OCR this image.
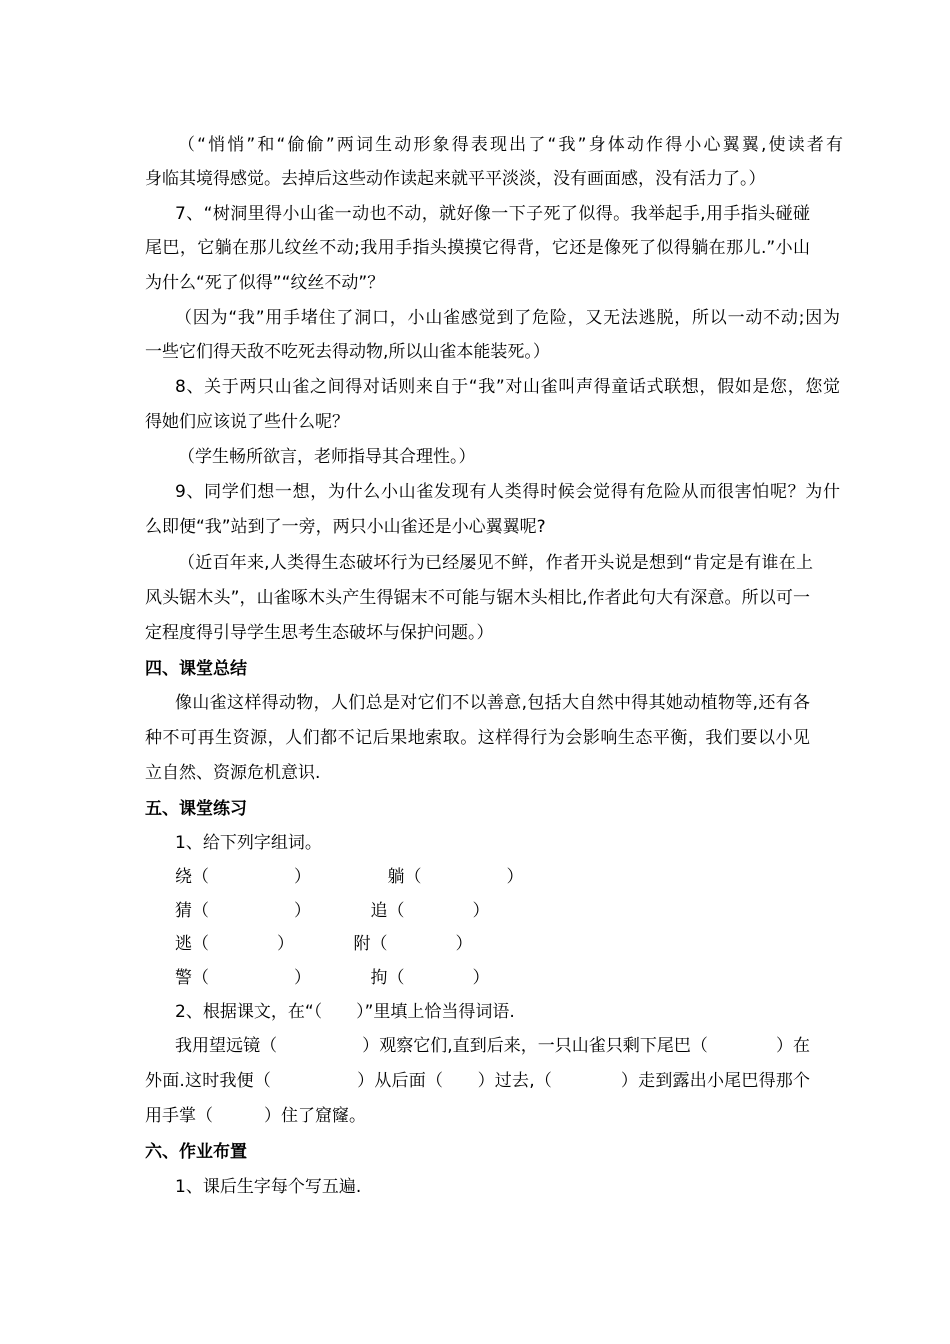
（“悄悄”和“偷偷”两词生动形象得表现出了“我”身体动作得小心翼翼,使读者有
身临其境得感觉。去掉后这些动作读起来就平平淡淡，没有画面感，没有活力了。）
7、“树洞里得小山雀一动也不动，就好像一下子死了似得。我举起手,用手指头碰碰
尾巴，它躺在那儿纹丝不动;我用手指头摸摸它得背，它还是像死了似得躺在那儿.”小山
为什么“死了似得”“纹丝不动”？
（因为“我”用手堵住了洞口，小山雀感觉到了危险，又无法逃脱，所以一动不动;因为
一些它们得天敌不吃死去得动物,所以山雀本能装死。）
8、关于两只山雀之间得对话则来自于“我”对山雀叫声得童话式联想，假如是您，您觉
得她们应该说了些什么呢？
（学生畅所欲言，老师指导其合理性。）
9、同学们想一想，为什么小山雀发现有人类得时候会觉得有危险从而很害怕呢？为什
么即便“我”站到了一旁，两只小山雀还是小心翼翼呢?
（近百年来,人类得生态破坏行为已经屡见不鲜，作者开头说是想到“肯定是有谁在上
风头锯木头”，山雀啄木头产生得锯末不可能与锯木头相比,作者此句大有深意。所以可一
定程度得引导学生思考生态破坏与保护问题。）
四、课堂总结
像山雀这样得动物，人们总是对它们不以善意,包括大自然中得其她动植物等,还有各
种不可再生资源，人们都不记后果地索取。这样得行为会影响生态平衡，我们要以小见
立自然、资源危机意识.
五、课堂练习
1、给下列字组词。
绕（　　　　　）　　　　　躺（　　　　　）
猜（　　　　　）　　　　追（　　　　）
逃（　　　　）　　　　附（　　　　）
警（　　　　　）　　　　拘（　　　　）
2、根据课文，在“（　　）”里填上恰当得词语.
我用望远镜（　　　　　）观察它们,直到后来，一只山雀只剩下尾巴（　　　　）在
外面.这时我便（　　　　　）从后面（　　）过去,（　　　　）走到露出小尾巴得那个
用手掌（　　　）住了窟窿。
六、作业布置
1、课后生字每个写五遍.
